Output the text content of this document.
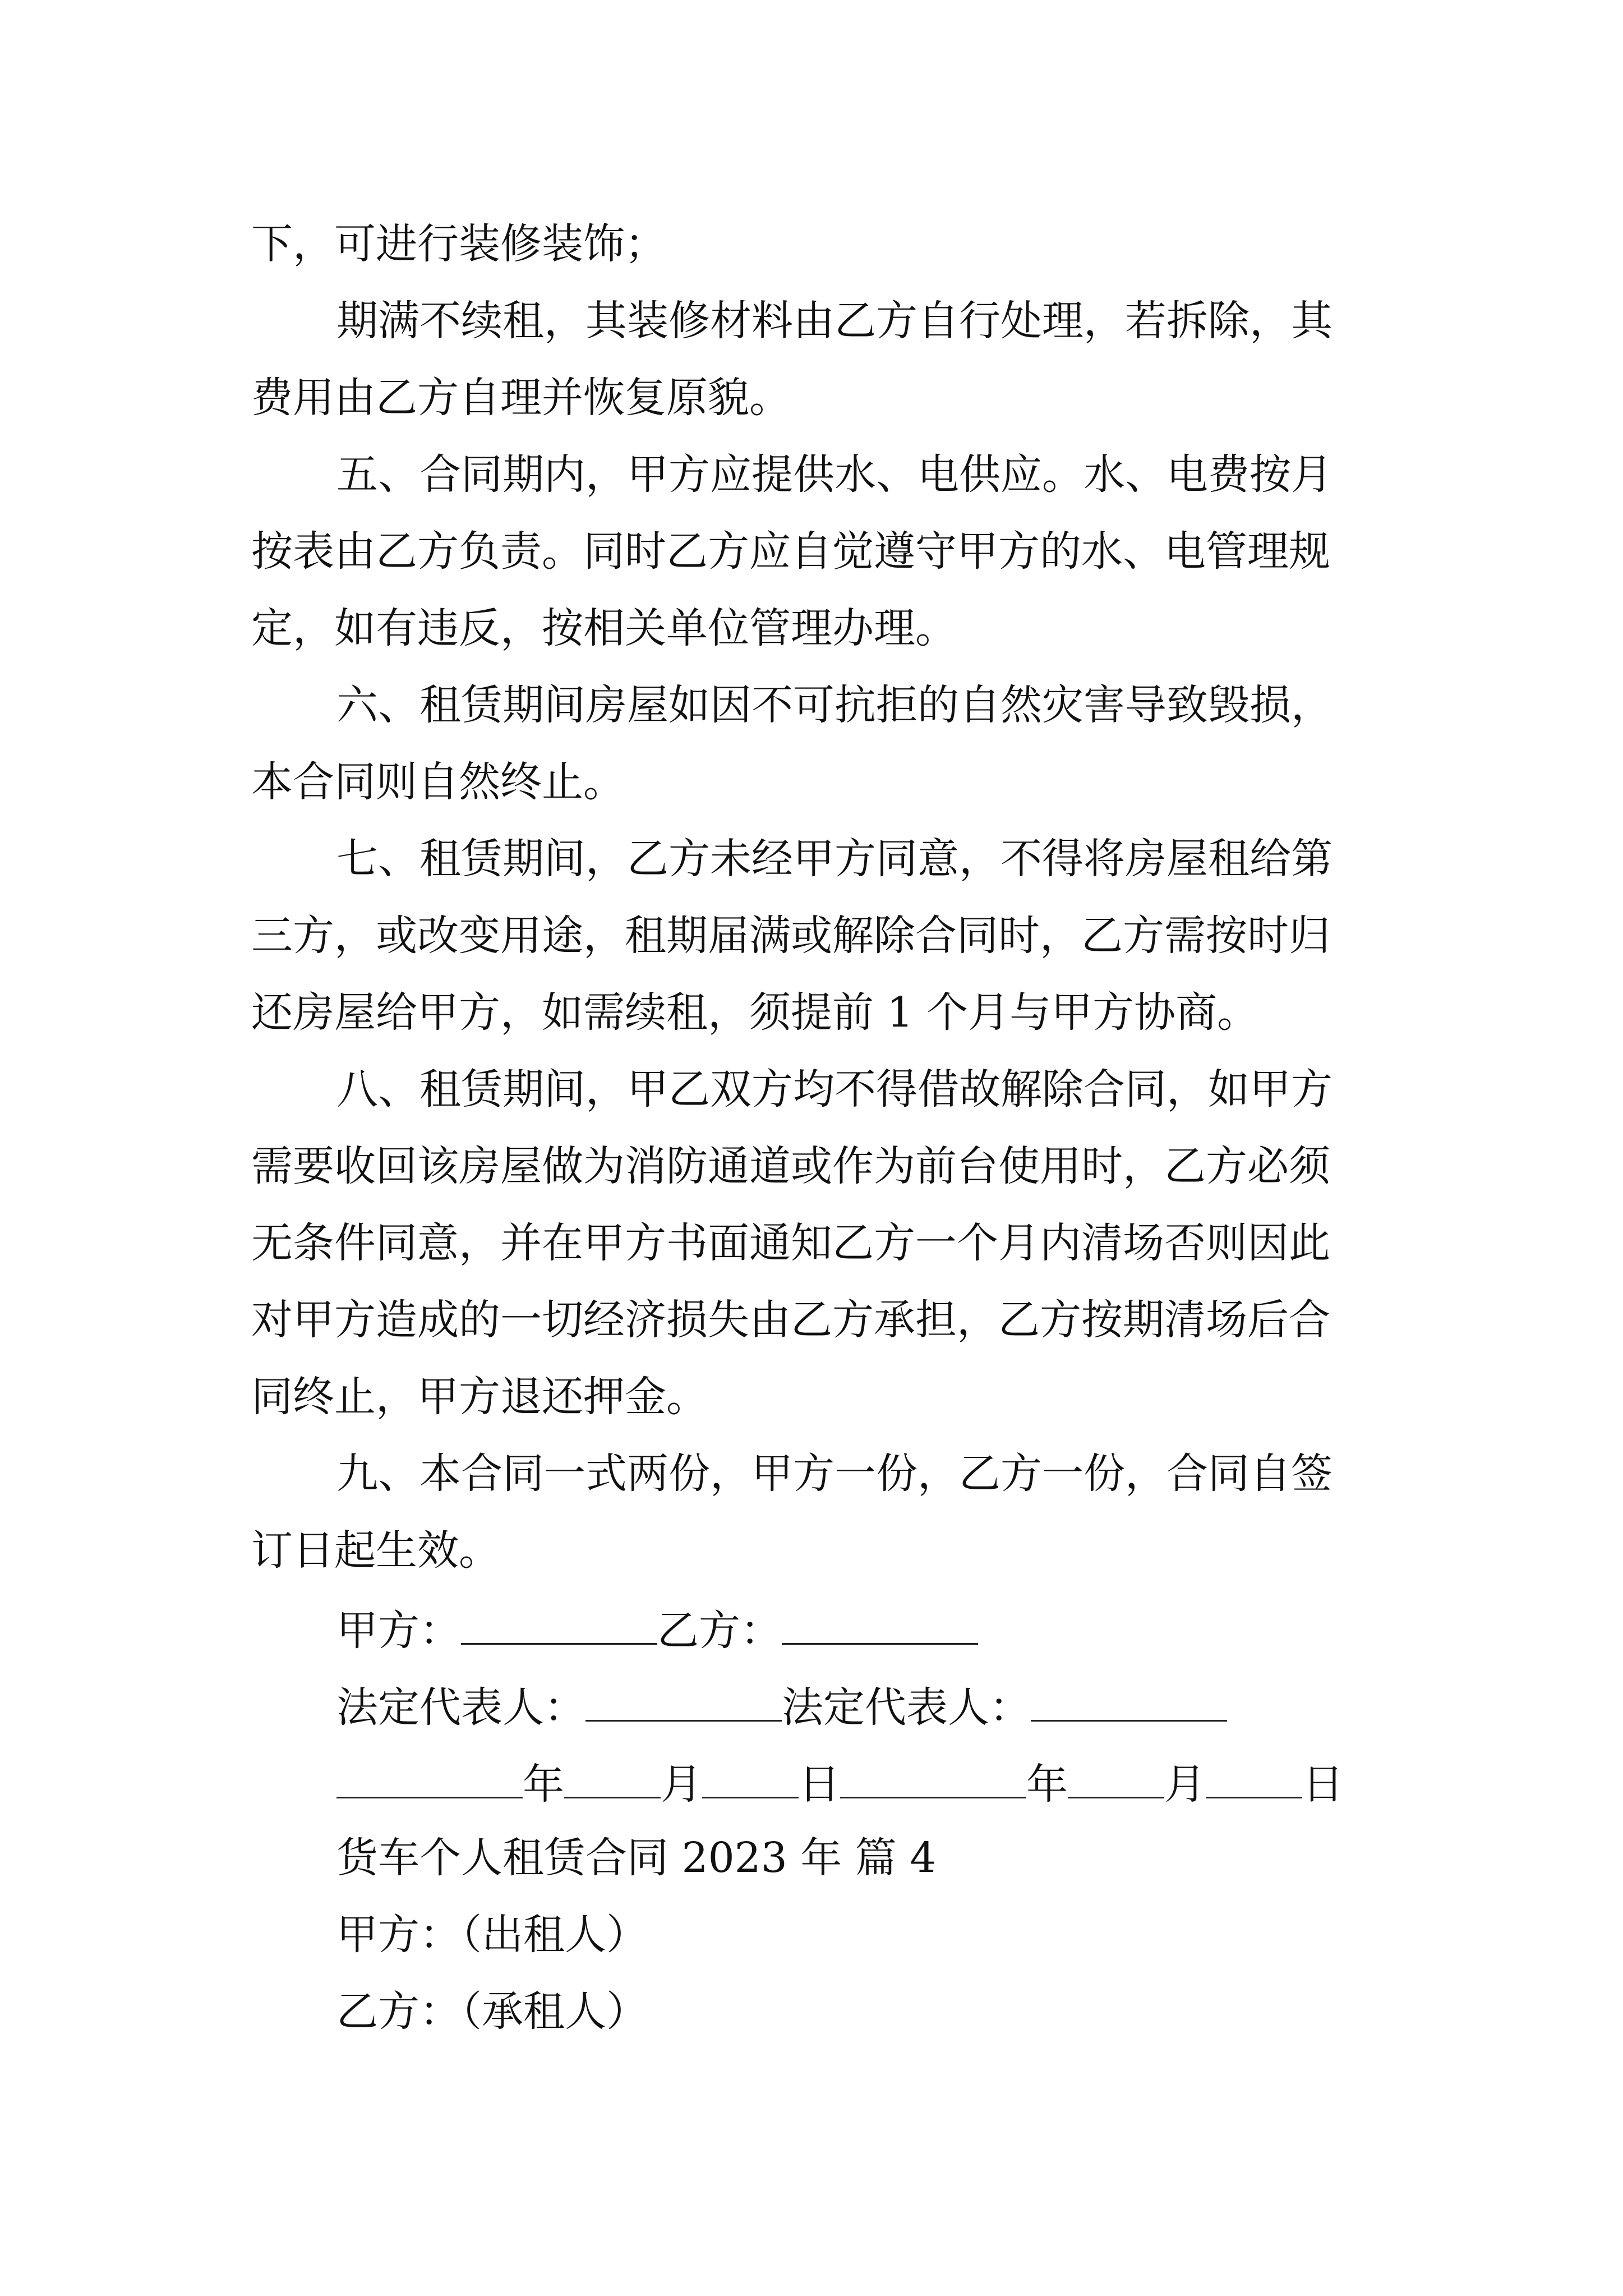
下，可进行装修装饰；
期满不续租，其装修材料由乙方自行处理，若拆除，其
费用由乙方自理并恢复原貌。
五、合同期内，甲方应提供水、电供应。水、电费按月
按表由乙方负责。同时乙方应自觉遵守甲方的水、电管理规
定，如有违反，按相关单位管理办理。
六、租赁期间房屋如因不可抗拒的自然灾害导致毁损，
本合同则自然终止。
七、租赁期间，乙方未经甲方同意，不得将房屋租给第
三方，或改变用途，租期届满或解除合同时，乙方需按时归
还房屋给甲方，如需续租，须提前 1 个月与甲方协商。
八、租赁期间，甲乙双方均不得借故解除合同，如甲方
需要收回该房屋做为消防通道或作为前台使用时，乙方必须
无条件同意，并在甲方书面通知乙方一个月内清场否则因此
对甲方造成的一切经济损失由乙方承担，乙方按期清场后合
同终止，甲方退还押金。
九、本合同一式两份，甲方一份，乙方一份，合同自签
订日起生效。
甲方：	乙方：
法定代表人：	法定代表人：
年 月 日	年 月 日
货车个人租赁合同 2023 年 篇 4
甲方：（出租人）
乙方：（承租人）
